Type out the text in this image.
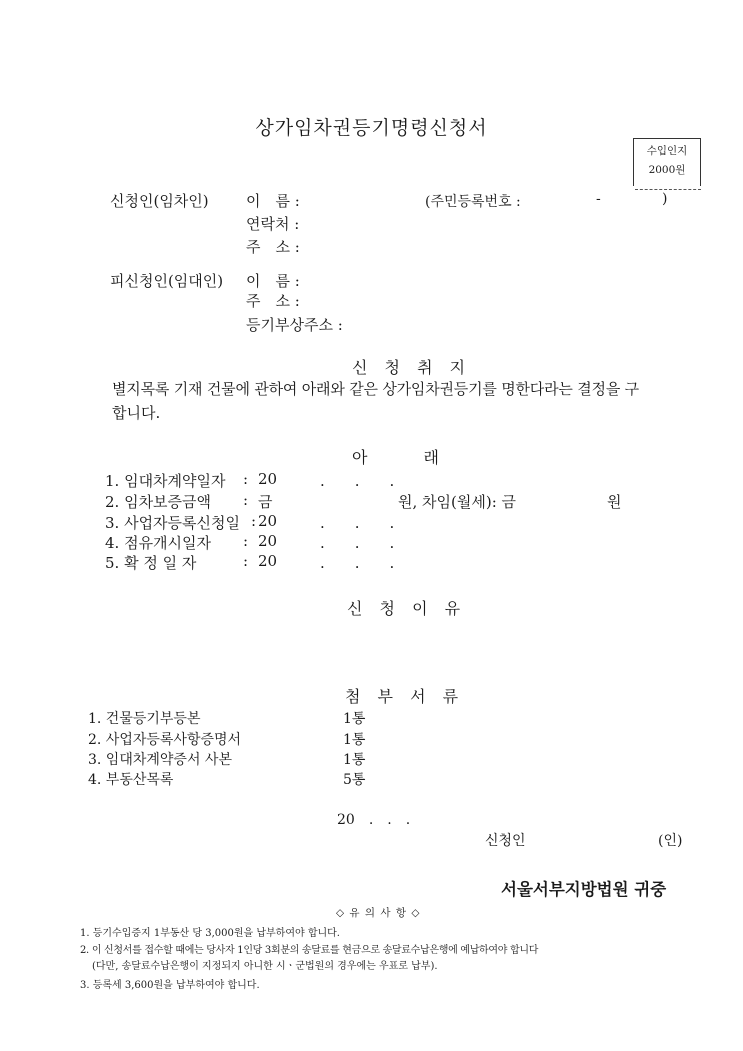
상가임차권등기명령신청서
수입인지
2000원
신청인(임차인) 이　름 :	(주민등록번호 :	-	)
연락처 :
주　소 :
피신청인(임대인) 이　름 :
주　소 :
등기부상주소 :
신 청 취 지
별지목록 기재 건물에 관하여 아래와 같은 상가임차권등기를 명한다라는 결정을 구
합니다.
아　　　래
1. 임대차계약일자 : 20	.　　.　　.
2. 임차보증금액 : 금	원, 차임(월세): 금	원
3. 사업자등록신청일 : 20	.　　.　　.
4. 점유개시일자 : 20	.　　.　　.
5. 확 정 일 자	: 20	.　　.　　.
신 청 이 유
첨 부 서 류
1. 건물등기부등본	1통
2. 사업자등록사항증명서	1통
3. 임대차계약증서 사본	1통
4. 부동산목록	5통
20　.　.　.
신청인	(인)
서울서부지방법원 귀중
◇ 유 의 사 항 ◇
1. 등기수입증지 1부동산 당 3,000원을 납부하여야 합니다.
2. 이 신청서를 접수할 때에는 당사자 1인당 3회분의 송달료를 현금으로 송달료수납은행에 예납하여야 합니다
(다만, 송달료수납은행이 지정되지 아니한 시ㆍ군법원의 경우에는 우표로 납부).
3. 등록세 3,600원을 납부하여야 합니다.
